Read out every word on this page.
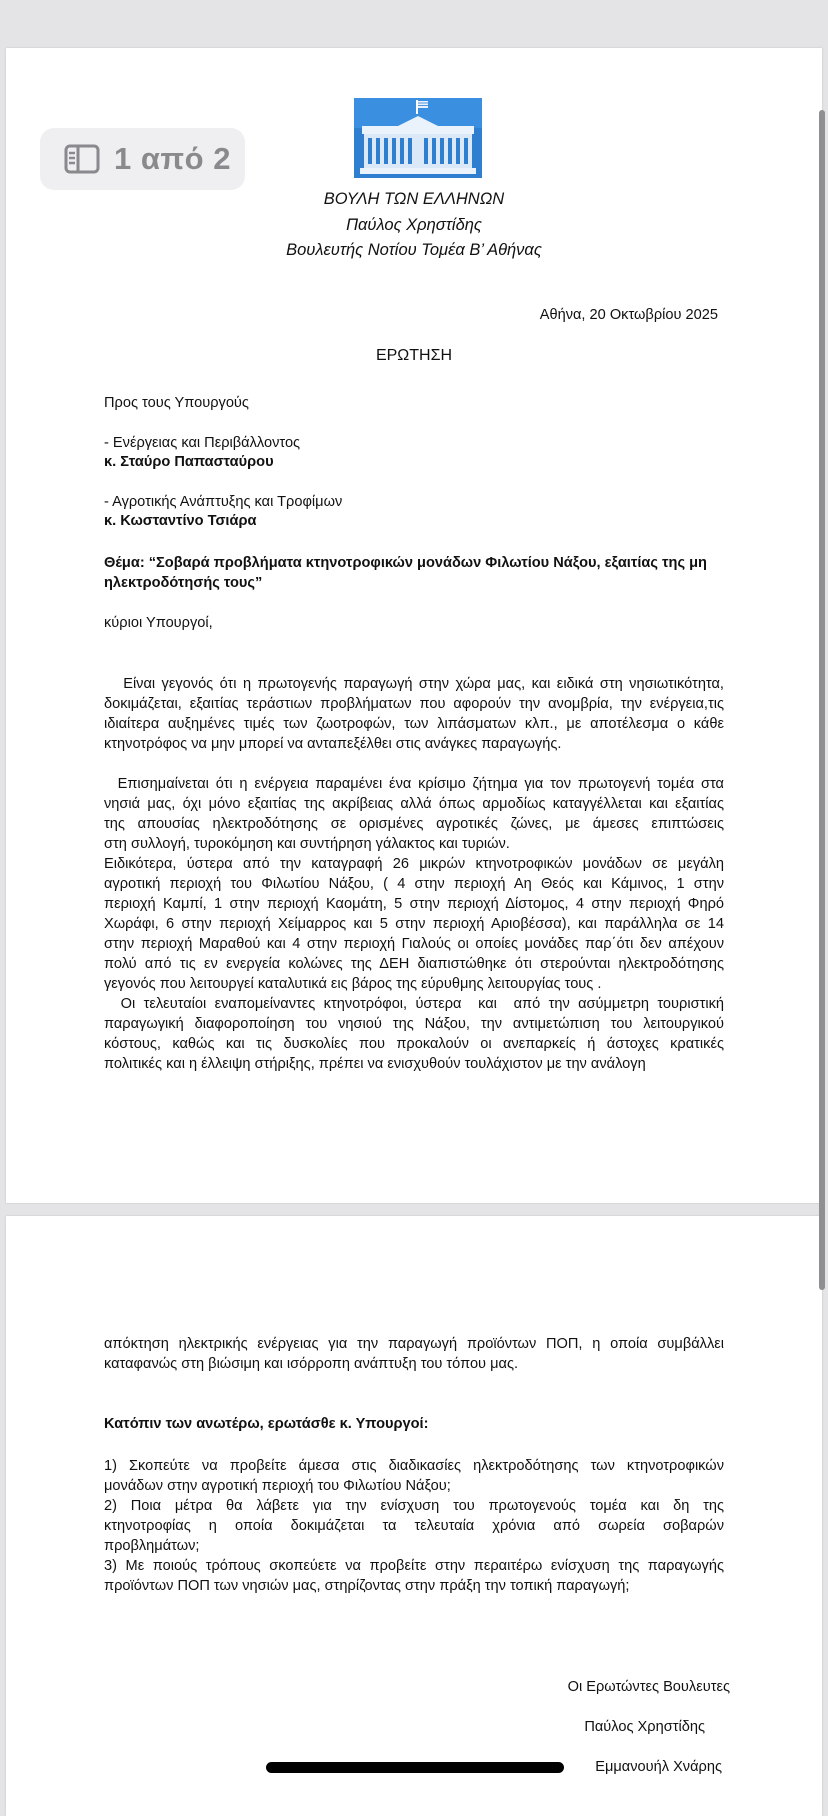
1 από 2
ΒΟΥΛΗ ΤΩΝ ΕΛΛΗΝΩΝ
Παύλος Χρηστίδης
Βουλευτής Νοτίου Τομέα Β’ Αθήνας
Αθήνα, 20 Οκτωβρίου 2025
ΕΡΩΤΗΣΗ
Προς τους Υπουργούς
- Ενέργειας και Περιβάλλοντος
κ. Σταύρο Παπασταύρου
- Αγροτικής Ανάπτυξης και Τροφίμων
κ. Κωσταντίνο Τσιάρα
Θέμα: “Σοβαρά προβλήματα κτηνοτροφικών μονάδων Φιλωτίου Νάξου, εξαιτίας της μη
ηλεκτροδότησής τους”
κύριοι Υπουργοί,
Είναι γεγονός ότι η πρωτογενής παραγωγή στην χώρα μας, και ειδικά στη νησιωτικότητα,
δοκιμάζεται, εξαιτίας τεράστιων προβλήματων που αφορούν την ανομβρία, την ενέργεια,τις
ιδιαίτερα αυξημένες τιμές των ζωοτροφών, των λιπάσματων κλπ., με αποτέλεσμα ο κάθε
κτηνοτρόφος να μην μπορεί να ανταπεξέλθει στις ανάγκες παραγωγής.
Επισημαίνεται ότι η ενέργεια παραμένει ένα κρίσιμο ζήτημα για τον πρωτογενή τομέα στα
νησιά μας, όχι μόνο εξαιτίας της ακρίβειας αλλά όπως αρμοδίως καταγγέλλεται και εξαιτίας
της απουσίας ηλεκτροδότησης σε ορισμένες αγροτικές ζώνες, με άμεσες επιπτώσεις
στη συλλογή, τυροκόμηση και συντήρηση γάλακτος και τυριών.
Ειδικότερα, ύστερα από την καταγραφή 26 μικρών κτηνοτροφικών μονάδων σε μεγάλη
αγροτική περιοχή του Φιλωτίου Νάξου, ( 4 στην περιοχή Αη Θεός και Κάμινος, 1 στην
περιοχή Καμπί, 1 στην περιοχή Καομάτη, 5 στην περιοχή Δίστομος, 4 στην περιοχή Φηρό
Χωράφι, 6 στην περιοχή Χείμαρρος και 5 στην περιοχή Αριοβέσσα), και παράλληλα σε 14
στην περιοχή Μαραθού και 4 στην περιοχή Γιαλούς οι οποίες μονάδες παρ΄ότι δεν απέχουν
πολύ από τις εν ενεργεία κολώνες της ΔΕΗ διαπιστώθηκε ότι στερούνται ηλεκτροδότησης
γεγονός που λειτουργεί καταλυτικά εις βάρος της εύρυθμης λειτουργίας τους .
Οι τελευταίοι εναπομείναντες κτηνοτρόφοι, ύστερα  και  από την ασύμμετρη τουριστική
παραγωγική διαφοροποίηση του νησιού της Νάξου, την αντιμετώπιση του λειτουργικού
κόστους, καθώς και τις δυσκολίες που προκαλούν οι ανεπαρκείς ή άστοχες κρατικές
πολιτικές και η έλλειψη στήριξης, πρέπει να ενισχυθούν τουλάχιστον με την ανάλογη
απόκτηση ηλεκτρικής ενέργειας για την παραγωγή προϊόντων ΠΟΠ, η οποία συμβάλλει
καταφανώς στη βιώσιμη και ισόρροπη ανάπτυξη του τόπου μας.
Κατόπιν των ανωτέρω, ερωτάσθε κ. Υπουργοί:
1) Σκοπεύτε να προβείτε άμεσα στις διαδικασίες ηλεκτροδότησης των κτηνοτροφικών
μονάδων στην αγροτική περιοχή του Φιλωτίου Νάξου;
2) Ποια μέτρα θα λάβετε για την ενίσχυση του πρωτογενούς τομέα και δη της
κτηνοτροφίας η οποία δοκιμάζεται τα τελευταία χρόνια από σωρεία σοβαρών
προβλημάτων;
3) Με ποιούς τρόπους σκοπεύετε να προβείτε στην περαιτέρω ενίσχυση της παραγωγής
προϊόντων ΠΟΠ των νησιών μας, στηρίζοντας στην πράξη την τοπική παραγωγή;
Οι Ερωτώντες Βουλευτες
Παύλος Χρηστίδης
Εμμανουήλ Χνάρης
